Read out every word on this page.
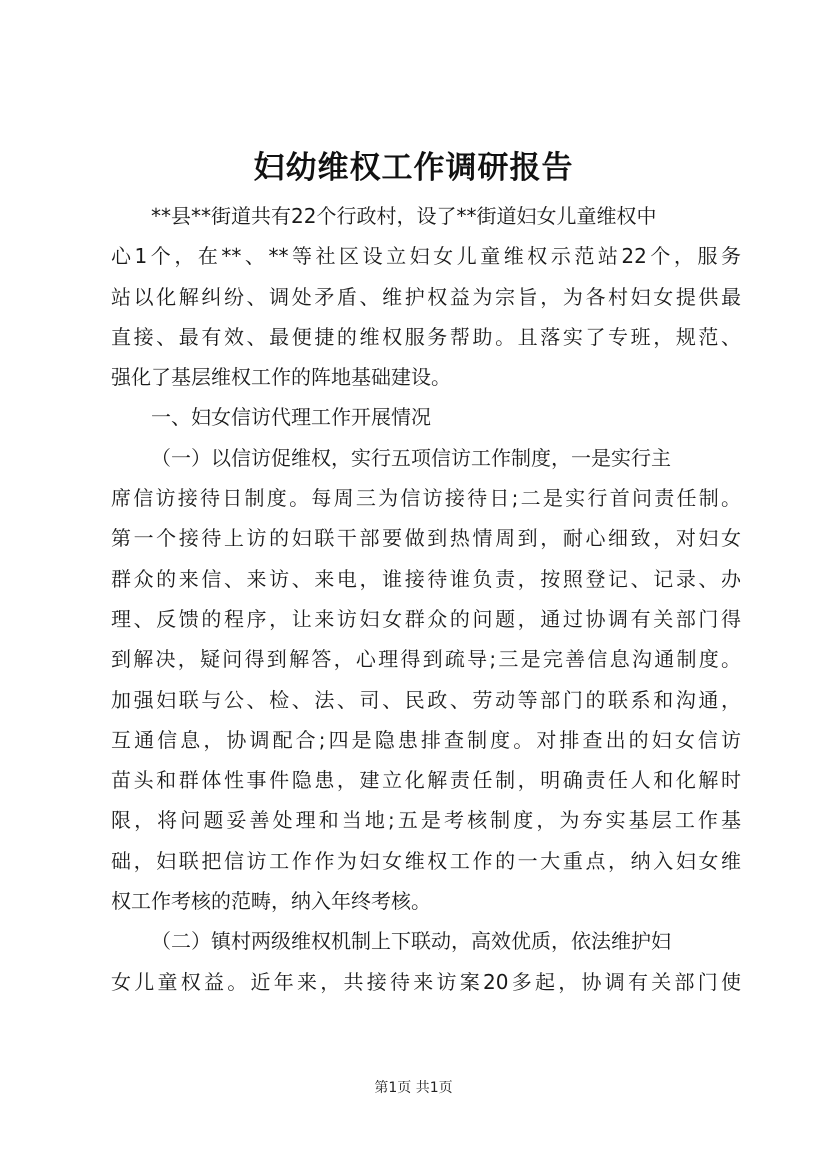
妇幼维权工作调研报告
**县**街道共有22个行政村，设了**街道妇女儿童维权中
心1个，在**、**等社区设立妇女儿童维权示范站22个，服务
站以化解纠纷、调处矛盾、维护权益为宗旨，为各村妇女提供最
直接、最有效、最便捷的维权服务帮助。且落实了专班，规范、
强化了基层维权工作的阵地基础建设。
一、妇女信访代理工作开展情况
（一）以信访促维权，实行五项信访工作制度，一是实行主
席信访接待日制度。每周三为信访接待日;二是实行首问责任制。
第一个接待上访的妇联干部要做到热情周到，耐心细致，对妇女
群众的来信、来访、来电，谁接待谁负责，按照登记、记录、办
理、反馈的程序，让来访妇女群众的问题，通过协调有关部门得
到解决，疑问得到解答，心理得到疏导;三是完善信息沟通制度。
加强妇联与公、检、法、司、民政、劳动等部门的联系和沟通，
互通信息，协调配合;四是隐患排查制度。对排查出的妇女信访
苗头和群体性事件隐患，建立化解责任制，明确责任人和化解时
限，将问题妥善处理和当地;五是考核制度，为夯实基层工作基
础，妇联把信访工作作为妇女维权工作的一大重点，纳入妇女维
权工作考核的范畴，纳入年终考核。
（二）镇村两级维权机制上下联动，高效优质，依法维护妇
女儿童权益。近年来，共接待来访案20多起，协调有关部门使
第1页 共1页
